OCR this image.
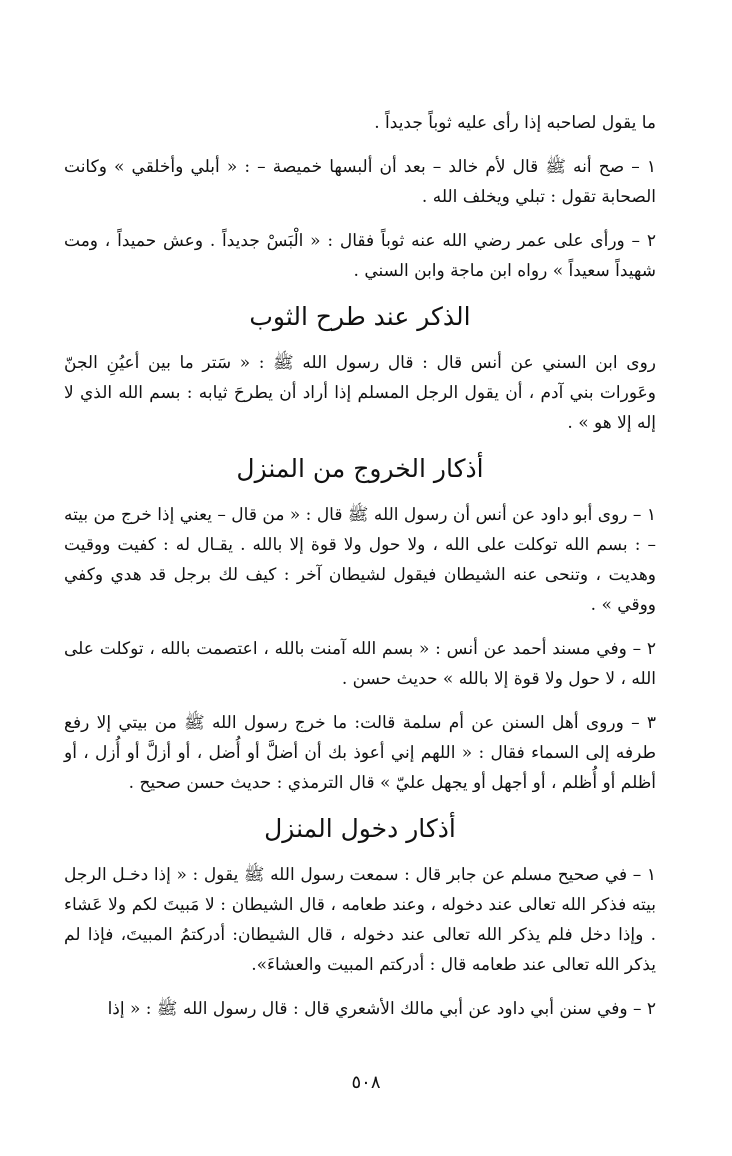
ما يقول لصاحبه إذا رأى عليه ثوباً جديداً .

١ – صح أنه ﷺ قال لأم خالد – بعد أن ألبسها خميصة – : « أبلي وأخلقي » وكانت الصحابة تقول : تبلي ويخلف الله .

٢ – ورأى على عمر رضي الله عنه ثوباً فقال : « الْبَسْ جديداً . وعش حميداً ، ومت شهيداً سعيداً » رواه ابن ماجة وابن السني .

الذكر عند طرح الثوب

روى ابن السني عن أنس قال : قال رسول الله ﷺ : « سَتر ما بين أعيُنِ الجنّ وعَورات بني آدم ، أن يقول الرجل المسلم إذا أراد أن يطرحَ ثيابه : بسم الله الذي لا إله إلا هو » .

أذكار الخروج من المنزل

١ – روى أبو داود عن أنس أن رسول الله ﷺ قال : « من قال – يعني إذا خرج من بيته – : بسم الله توكلت على الله ، ولا حول ولا قوة إلا بالله . يقـال له : كفيت ووقيت وهديت ، وتنحى عنه الشيطان فيقول لشيطان آخر : كيف لك برجل قد هدي وكفي ووقي » .

٢ – وفي مسند أحمد عن أنس : « بسم الله آمنت بالله ، اعتصمت بالله ، توكلت على الله ، لا حول ولا قوة إلا بالله » حديث حسن .

٣ – وروى أهل السنن عن أم سلمة قالت: ما خرج رسول الله ﷺ من بيتي إلا رفع طرفه إلى السماء فقال : « اللهم إني أعوذ بك أن أضلَّ أو أُضل ، أو أزلَّ أو أُزل ، أو أظلم أو أُظلم ، أو أجهل أو يجهل عليّ » قال الترمذي : حديث حسن صحيح .

أذكار دخول المنزل

١ – في صحيح مسلم عن جابر قال : سمعت رسول الله ﷺ يقول : « إذا دخـل الرجل بيته فذكر الله تعالى عند دخوله ، وعند طعامه ، قال الشيطان : لا مَبيتَ لكم ولا عَشاء . وإذا دخل فلم يذكر الله تعالى عند دخوله ، قال الشيطان: أدركتمُ المبيتَ، فإذا لم يذكر الله تعالى عند طعامه قال : أدركتم المبيت والعشاءَ».

٢ – وفي سنن أبي داود عن أبي مالك الأشعري قال : قال رسول الله ﷺ : « إذا

٥٠٨
